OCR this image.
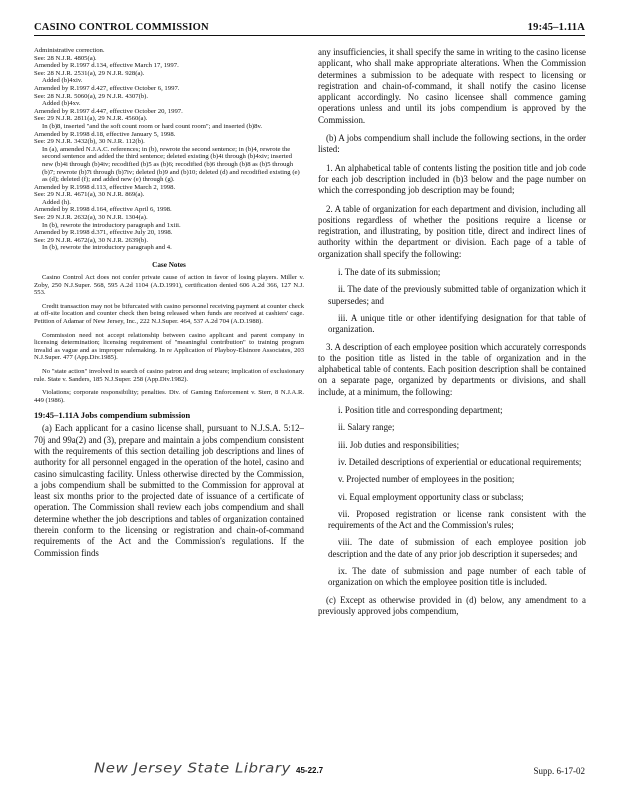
CASINO CONTROL COMMISSION	19:45–1.11A
Administrative correction.
See: 28 N.J.R. 4805(a).
Amended by R.1997 d.134, effective March 17, 1997.
See: 28 N.J.R. 2531(a), 29 N.J.R. 928(a).
Added (b)4xiv.
Amended by R.1997 d.427, effective October 6, 1997.
See: 28 N.J.R. 5060(a), 29 N.J.R. 4307(b).
Added (b)4xv.
Amended by R.1997 d.447, effective October 20, 1997.
See: 29 N.J.R. 2811(a), 29 N.J.R. 4560(a).
In (b)8, inserted "and the soft count room or hard count room"; and inserted (b)8v.
Amended by R.1998 d.18, effective January 5, 1998.
See: 29 N.J.R. 3432(b), 30 N.J.R. 112(b).
In (a), amended N.J.A.C. references; in (b), rewrote the second sentence; in (b)4, rewrote the second sentence and added the third sentence; deleted existing (b)4i through (b)4xiv; inserted new (b)4i through (b)4iv; recodified (b)5 as (b)6; recodified (b)6 through (b)8 as (b)5 through (b)7; rewrote (b)7i through (b)7iv; deleted (b)9 and (b)10; deleted (d) and recodified existing (e) as (d); deleted (f); and added new (e) through (g).
Amended by R.1998 d.113, effective March 2, 1998.
See: 29 N.J.R. 4671(a), 30 N.J.R. 869(a).
Added (h).
Amended by R.1998 d.164, effective April 6, 1998.
See: 29 N.J.R. 2632(a), 30 N.J.R. 1304(a).
In (b), rewrote the introductory paragraph and 1xiii.
Amended by R.1998 d.371, effective July 20, 1998.
See: 29 N.J.R. 4672(a), 30 N.J.R. 2639(b).
In (b), rewrote the introductory paragraph and 4.
Case Notes

Casino Control Act does not confer private cause of action in favor of losing players. Miller v. Zoby, 250 N.J.Super. 568, 595 A.2d 1104 (A.D.1991), certification denied 606 A.2d 366, 127 N.J. 553.

Credit transaction may not be bifurcated with casino personnel receiving payment at counter check at off-site location and counter check then being released when funds are received at cashiers' cage. Petition of Adamar of New Jersey, Inc., 222 N.J.Super. 464, 537 A.2d 704 (A.D.1988).

Commission need not accept relationship between casino applicant and parent company in licensing determination; licensing requirement of "meaningful contribution" to training program invalid as vague and as improper rulemaking. In re Application of Playboy-Elsinore Associates, 203 N.J.Super. 477 (App.Div.1985).

No "state action" involved in search of casino patron and drug seizure; implication of exclusionary rule. State v. Sanders, 185 N.J.Super. 258 (App.Div.1982).

Violations; corporate responsibility; penalties. Div. of Gaming Enforcement v. Sterr, 8 N.J.A.R. 449 (1986).

19:45–1.11A Jobs compendium submission

(a) Each applicant for a casino license shall, pursuant to N.J.S.A. 5:12–70j and 99a(2) and (3), prepare and maintain a jobs compendium consistent with the requirements of this section detailing job descriptions and lines of authority for all personnel engaged in the operation of the hotel, casino and casino simulcasting facility. Unless otherwise directed by the Commission, a jobs compendium shall be submitted to the Commission for approval at least six months prior to the projected date of issuance of a certificate of operation. The Commission shall review each jobs compendium and shall determine whether the job descriptions and tables of organization contained therein conform to the licensing or registration and chain-of-command requirements of the Act and the Commission's regulations. If the Commission finds

any insufficiencies, it shall specify the same in writing to the casino license applicant, who shall make appropriate alterations. When the Commission determines a submission to be adequate with respect to licensing or registration and chain-of-command, it shall notify the casino license applicant accordingly. No casino licensee shall commence gaming operations unless and until its jobs compendium is approved by the Commission.

(b) A jobs compendium shall include the following sections, in the order listed:

1. An alphabetical table of contents listing the position title and job code for each job description included in (b)3 below and the page number on which the corresponding job description may be found;

2. A table of organization for each department and division, including all positions regardless of whether the positions require a license or registration, and illustrating, by position title, direct and indirect lines of authority within the department or division. Each page of a table of organization shall specify the following:

i. The date of its submission;

ii. The date of the previously submitted table of organization which it supersedes; and

iii. A unique title or other identifying designation for that table of organization.

3. A description of each employee position which accurately corresponds to the position title as listed in the table of organization and in the alphabetical table of contents. Each position description shall be contained on a separate page, organized by departments or divisions, and shall include, at a minimum, the following:

i. Position title and corresponding department;

ii. Salary range;

iii. Job duties and responsibilities;

iv. Detailed descriptions of experiential or educational requirements;

v. Projected number of employees in the position;

vi. Equal employment opportunity class or subclass;

vii. Proposed registration or license rank consistent with the requirements of the Act and the Commission's rules;

viii. The date of submission of each employee position job description and the date of any prior job description it supersedes; and

ix. The date of submission and page number of each table of organization on which the employee position title is included.

(c) Except as otherwise provided in (d) below, any amendment to a previously approved jobs compendium,

New Jersey State Library 45-22.7	Supp. 6-17-02
